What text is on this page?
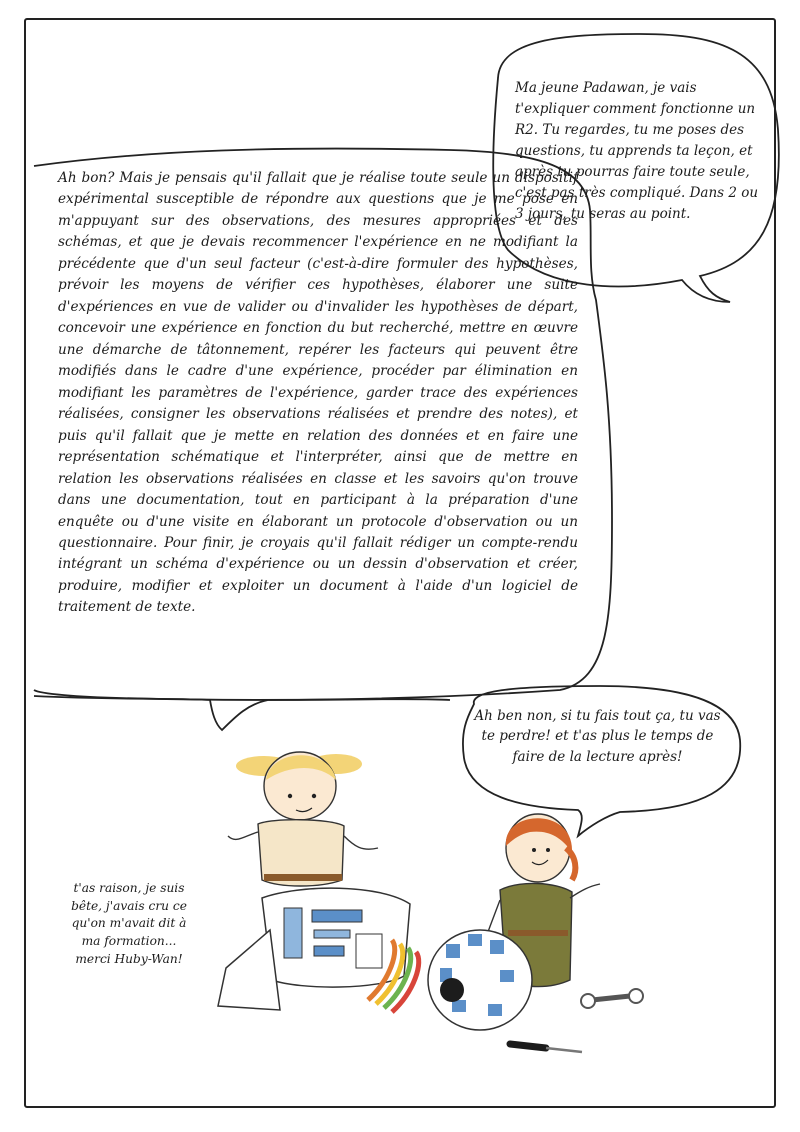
Ma jeune Padawan, je vais t'expliquer comment fonctionne un R2. Tu regardes, tu me poses des questions, tu apprends ta leçon, et après tu pourras faire toute seule, c'est pas très compliqué. Dans 2 ou 3 jours, tu seras au point.
Ah bon? Mais je pensais qu'il fallait que je réalise toute seule un dispositif expérimental susceptible de répondre aux questions que je me pose en m'appuyant sur des observations, des mesures appropriées et des schémas, et que je devais recommencer l'expérience en ne modifiant la précédente que d'un seul facteur (c'est-à-dire formuler des hypothèses, prévoir les moyens de vérifier ces hypothèses, élaborer une suite d'expériences en vue de valider ou d'invalider les hypothèses de départ, concevoir une expérience en fonction du but recherché, mettre en œuvre une démarche de tâtonnement, repérer les facteurs qui peuvent être modifiés dans le cadre d'une expérience, procéder par élimination en modifiant les paramètres de l'expérience, garder trace des expériences réalisées, consigner les observations réalisées et prendre des notes), et puis qu'il fallait que je mette en relation des données et en faire une représentation schématique et l'interpréter, ainsi que de mettre en relation les observations réalisées en classe et les savoirs qu'on trouve dans une documentation, tout en participant à la préparation d'une enquête ou d'une visite en élaborant un protocole d'observation ou un questionnaire. Pour finir, je croyais qu'il fallait rédiger un compte-rendu intégrant un schéma d'expérience ou un dessin d'observation et créer, produire, modifier et exploiter un document à l'aide d'un logiciel de traitement de texte.
Ah ben non, si tu fais tout ça, tu vas te perdre! et t'as plus le temps de faire de la lecture après!
t'as raison, je suis bête, j'avais cru ce qu'on m'avait dit à ma formation... merci Huby-Wan!
